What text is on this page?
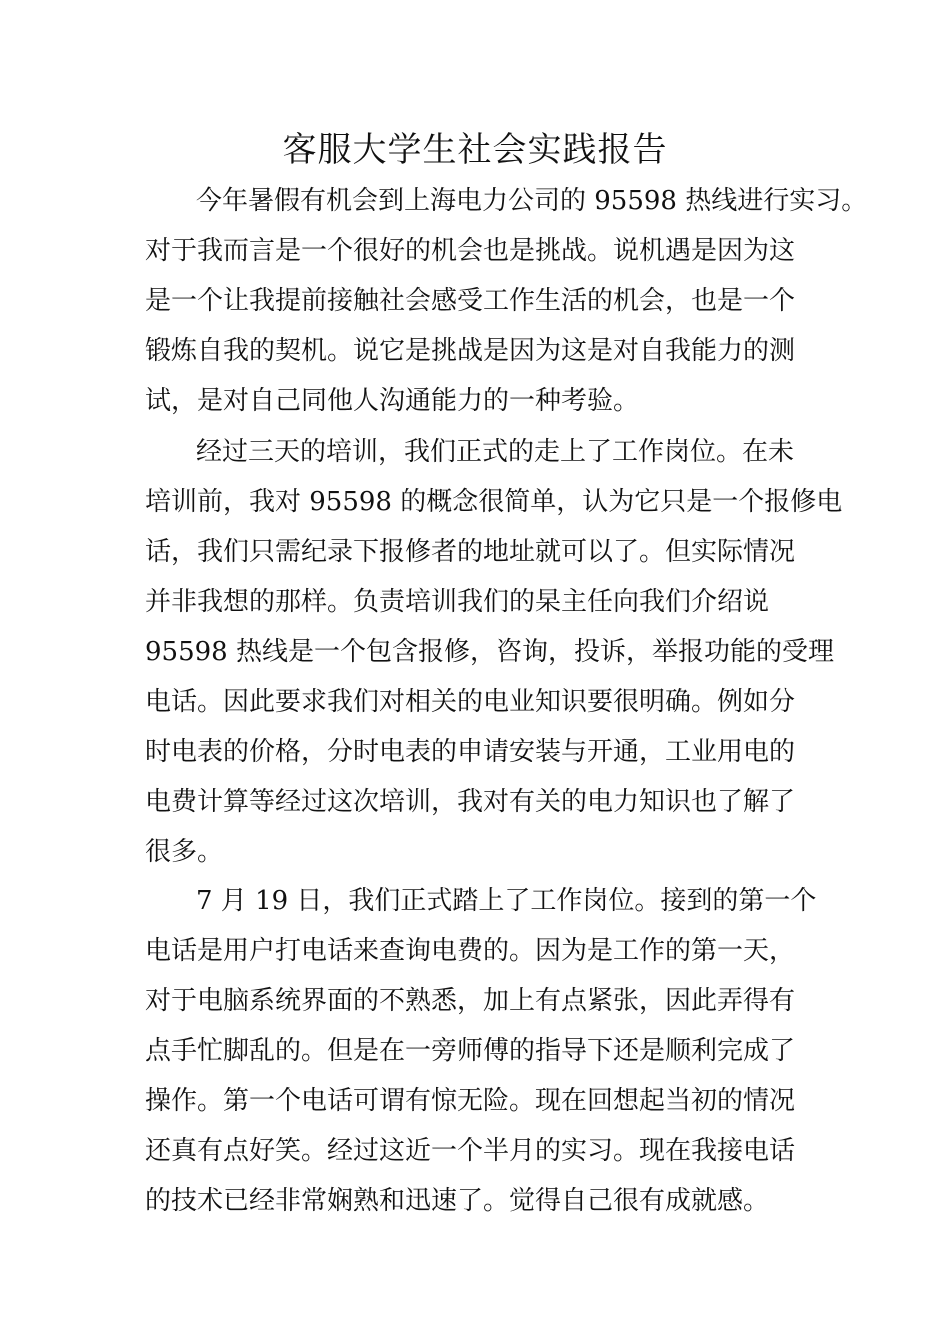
客服大学生社会实践报告
今年暑假有机会到上海电力公司的 95598 热线进行实习。
对于我而言是一个很好的机会也是挑战。说机遇是因为这
是一个让我提前接触社会感受工作生活的机会，也是一个
锻炼自我的契机。说它是挑战是因为这是对自我能力的测
试，是对自己同他人沟通能力的一种考验。
经过三天的培训，我们正式的走上了工作岗位。在未
培训前，我对 95598 的概念很简单，认为它只是一个报修电
话，我们只需纪录下报修者的地址就可以了。但实际情况
并非我想的那样。负责培训我们的杲主任向我们介绍说
95598 热线是一个包含报修，咨询，投诉，举报功能的受理
电话。因此要求我们对相关的电业知识要很明确。例如分
时电表的价格，分时电表的申请安装与开通，工业用电的
电费计算等经过这次培训，我对有关的电力知识也了解了
很多。
7 月 19 日，我们正式踏上了工作岗位。接到的第一个
电话是用户打电话来查询电费的。因为是工作的第一天，
对于电脑系统界面的不熟悉，加上有点紧张，因此弄得有
点手忙脚乱的。但是在一旁师傅的指导下还是顺利完成了
操作。第一个电话可谓有惊无险。现在回想起当初的情况
还真有点好笑。经过这近一个半月的实习。现在我接电话
的技术已经非常娴熟和迅速了。觉得自己很有成就感。
